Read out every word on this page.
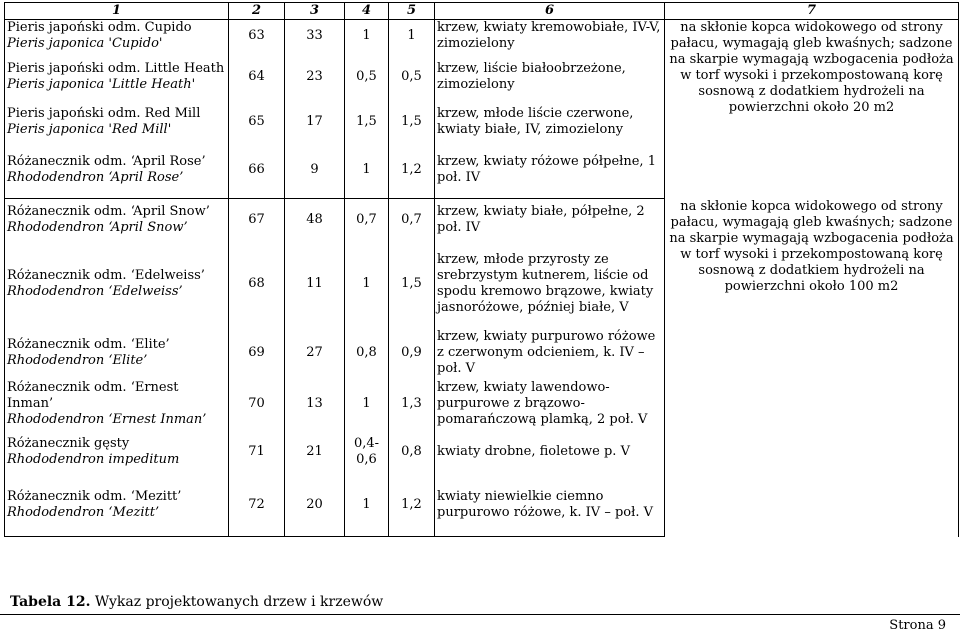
1	2	3	4	5	6	7

Pieris japoński odm. Cupido
Pieris japonica 'Cupido'	63	33	1	1	krzew, kwiaty kremowobiałe, IV-V, zimozielony	na skłonie kopca widokowego od strony pałacu, wymagają gleb kwaśnych; sadzone na skarpie wymagają wzbogacenia podłoża w torf wysoki i przekompostowaną korę sosnową z dodatkiem hydrożeli na powierzchni około 20 m2

Pieris japoński odm. Little Heath
Pieris japonica 'Little Heath'	64	23	0,5	0,5	krzew, liście białoobrzeżone, zimozielony	

Pieris japoński odm. Red Mill
Pieris japonica 'Red Mill'	65	17	1,5	1,5	krzew, młode liście czerwone, kwiaty białe, IV, zimozielony	

Różanecznik odm. ‘April Rose’
Rhododendron ‘April Rose’	66	9	1	1,2	krzew, kwiaty różowe półpełne, 1 poł. IV	

Różanecznik odm. ‘April Snow’
Rhododendron ‘April Snow’	67	48	0,7	0,7	krzew, kwiaty białe, półpełne, 2 poł. IV	na skłonie kopca widokowego od strony pałacu, wymagają gleb kwaśnych; sadzone na skarpie wymagają wzbogacenia podłoża w torf wysoki i przekompostowaną korę sosnową z dodatkiem hydrożeli na powierzchni około 100 m2

Różanecznik odm. ‘Edelweiss’
Rhododendron ‘Edelweiss’	68	11	1	1,5	krzew, młode przyrosty ze srebrzystym kutnerem, liście od spodu kremowo brązowe, kwiaty jasnoróżowe, później białe, V	

Różanecznik odm. ‘Elite’
Rhododendron ‘Elite’	69	27	0,8	0,9	krzew, kwiaty purpurowo różowe z czerwonym odcieniem, k. IV – poł. V	

Różanecznik odm. ‘Ernest Inman’
Rhododendron ‘Ernest Inman’	70	13	1	1,3	krzew, kwiaty lawendowo-purpurowe z brązowo-pomarańczową plamką, 2 poł. V	

Różanecznik gęsty
Rhododendron impeditum	71	21	0,4-0,6	0,8	kwiaty drobne, fioletowe p. V	

Różanecznik odm. ‘Mezitt’
Rhododendron ‘Mezitt’	72	20	1	1,2	kwiaty niewielkie ciemno purpurowo różowe, k. IV – poł. V	
Tabela 12. Wykaz projektowanych drzew i krzewów
Strona 9
